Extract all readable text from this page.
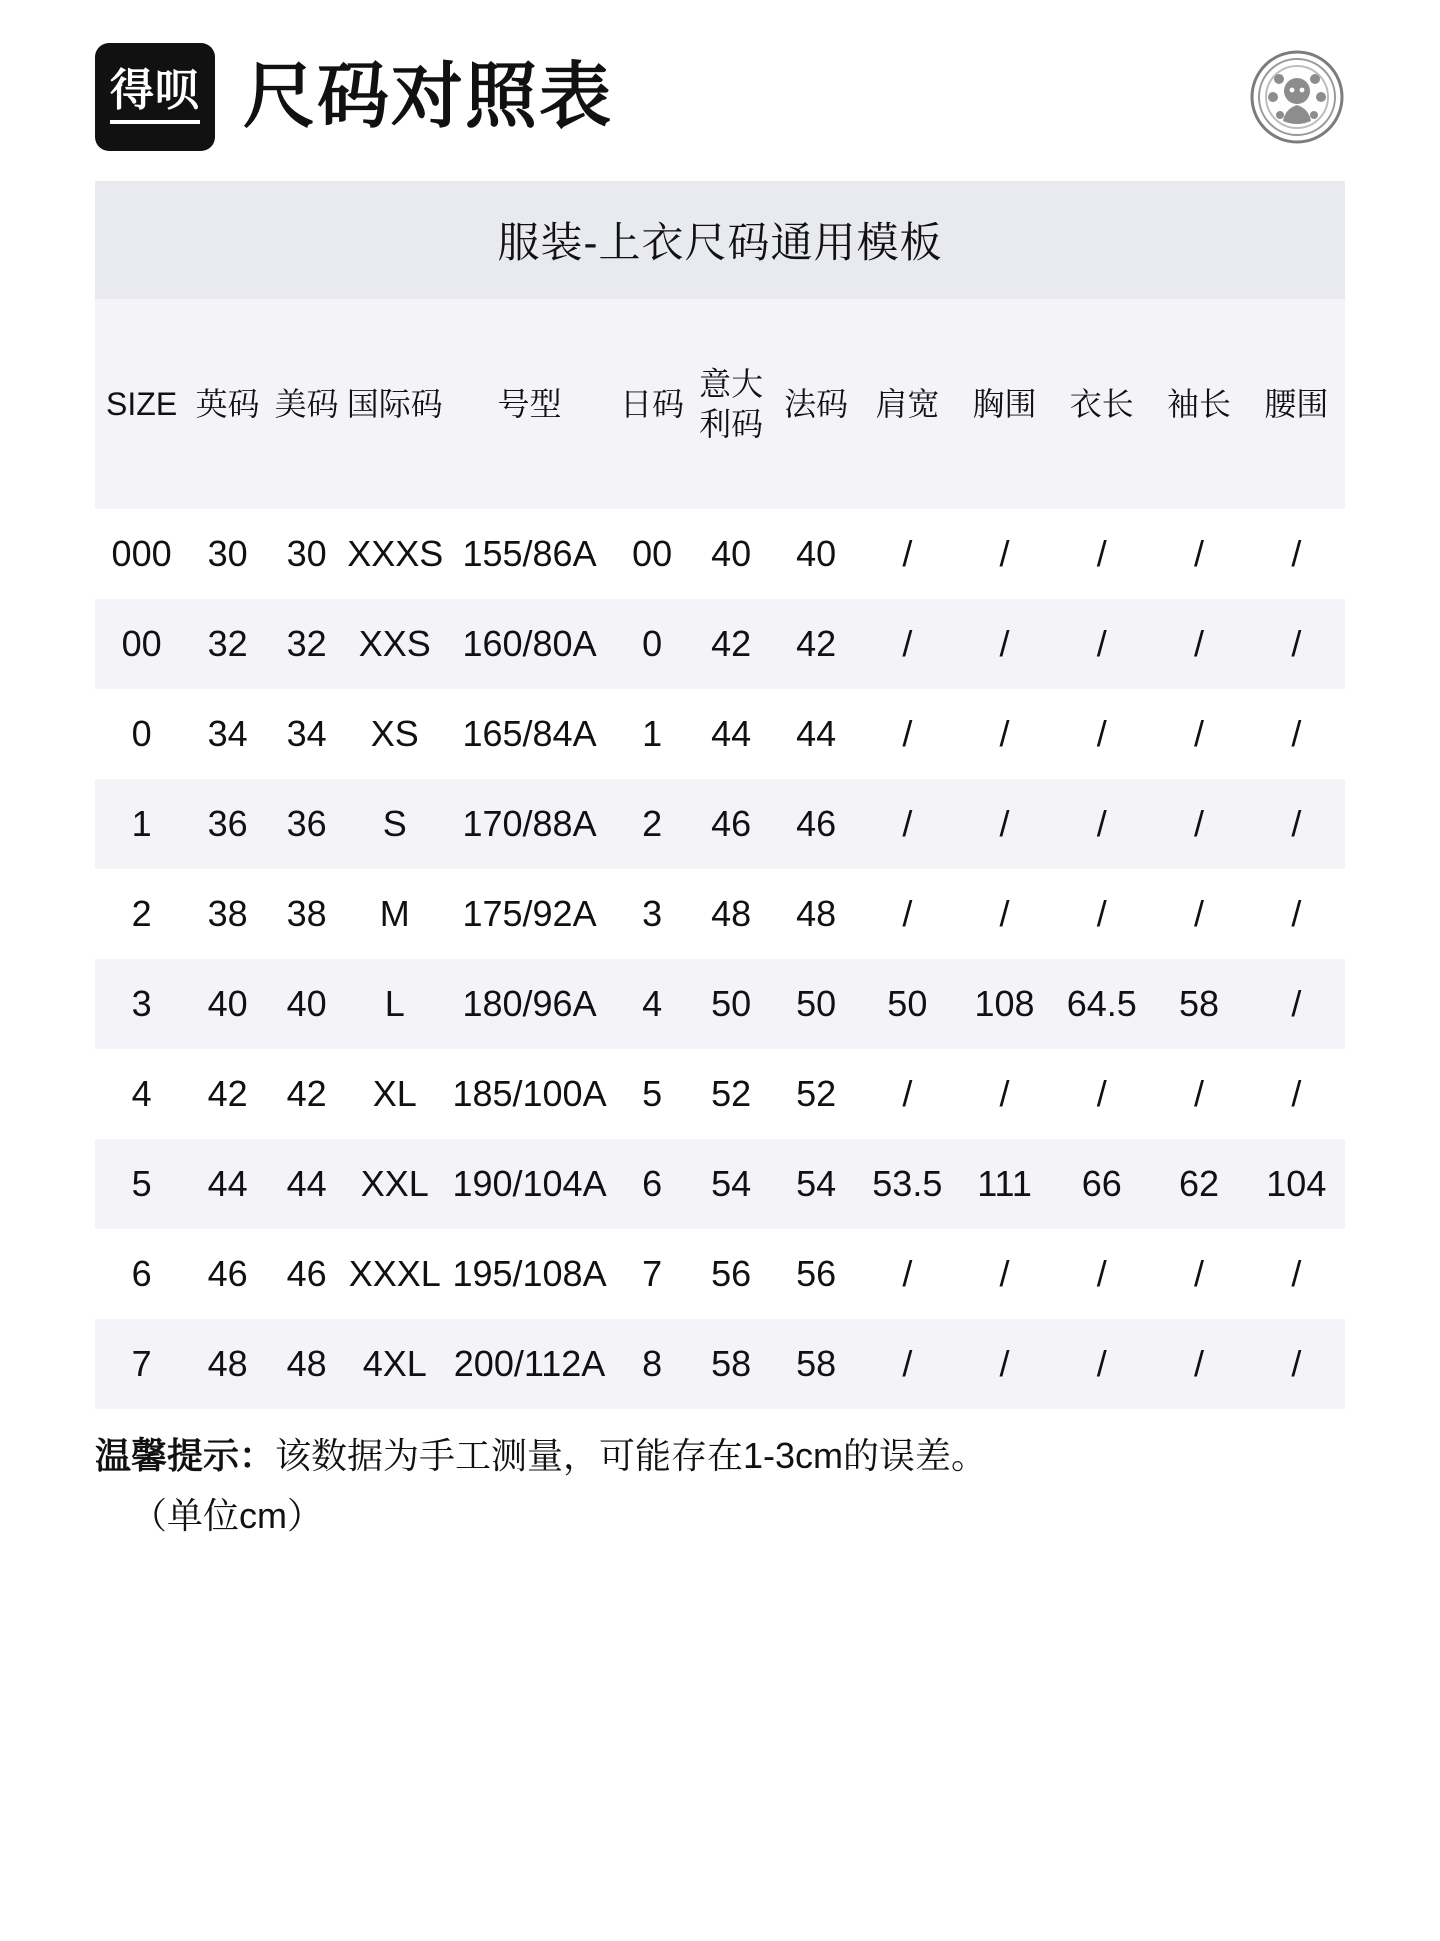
得呗 尺码对照表
服装-上衣尺码通用模板
SIZE	英码	美码	国际码	号型	日码	意大利码	法码	肩宽	胸围	衣长	袖长	腰围
000	30	30	XXXS	155/86A	00	40	40	/	/	/	/	/
00	32	32	XXS	160/80A	0	42	42	/	/	/	/	/
0	34	34	XS	165/84A	1	44	44	/	/	/	/	/
1	36	36	S	170/88A	2	46	46	/	/	/	/	/
2	38	38	M	175/92A	3	48	48	/	/	/	/	/
3	40	40	L	180/96A	4	50	50	50	108	64.5	58	/
4	42	42	XL	185/100A	5	52	52	/	/	/	/	/
5	44	44	XXL	190/104A	6	54	54	53.5	111	66	62	104
6	46	46	XXXL	195/108A	7	56	56	/	/	/	/	/
7	48	48	4XL	200/112A	8	58	58	/	/	/	/	/
温馨提示：该数据为手工测量，可能存在1-3cm的误差。
（单位cm）
